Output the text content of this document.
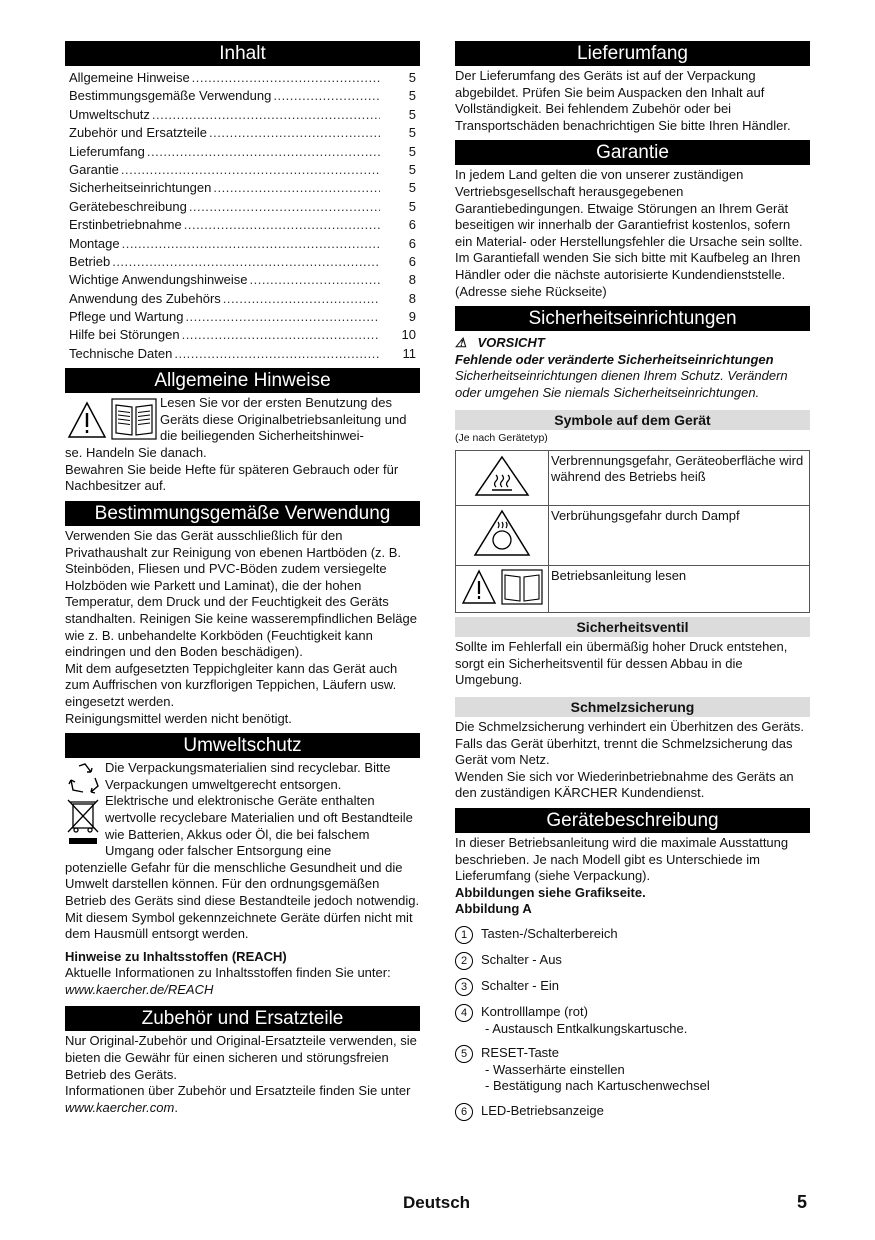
Inhalt
Allgemeine Hinweise .....	5
Bestimmungsgemäße Verwendung .....	5
Umweltschutz .....	5
Zubehör und Ersatzteile .....	5
Lieferumfang .....	5
Garantie .....	5
Sicherheitseinrichtungen .....	5
Gerätebeschreibung .....	5
Erstinbetriebnahme .....	6
Montage .....	6
Betrieb .....	6
Wichtige Anwendungshinweise .....	8
Anwendung des Zubehörs .....	8
Pflege und Wartung .....	9
Hilfe bei Störungen .....	10
Technische Daten .....	11
Allgemeine Hinweise

Lesen Sie vor der ersten Benutzung des Geräts diese Originalbetriebsanleitung und die beiliegenden Sicherheitshinwei-

se. Handeln Sie danach.

Bewahren Sie beide Hefte für späteren Gebrauch oder für Nachbesitzer auf.

Bestimmungsgemäße Verwendung

Verwenden Sie das Gerät ausschließlich für den Privathaushalt zur Reinigung von ebenen Hartböden (z. B. Steinböden, Fliesen und PVC-Böden zudem versiegelte Holzböden wie Parkett und Laminat), die der hohen Temperatur, dem Druck und der Feuchtigkeit des Geräts standhalten. Reinigen Sie keine wasserempfindlichen Beläge wie z. B. unbehandelte Korkböden (Feuchtigkeit kann eindringen und den Boden beschädigen).

Mit dem aufgesetzten Teppichgleiter kann das Gerät auch zum Auffrischen von kurzflorigen Teppichen, Läufern usw. eingesetzt werden.

Reinigungsmittel werden nicht benötigt.

Umweltschutz

Die Verpackungsmaterialien sind recyclebar. Bitte Verpackungen umweltgerecht entsorgen.

Elektrische und elektronische Geräte enthalten wertvolle recyclebare Materialien und oft Bestandteile wie Batterien, Akkus oder Öl, die bei falschem Umgang oder falscher Entsorgung eine

potenzielle Gefahr für die menschliche Gesundheit und die Umwelt darstellen können. Für den ordnungsgemäßen Betrieb des Geräts sind diese Bestandteile jedoch notwendig. Mit diesem Symbol gekennzeichnete Geräte dürfen nicht mit dem Hausmüll entsorgt werden.

Hinweise zu Inhaltsstoffen (REACH)

Aktuelle Informationen zu Inhaltsstoffen finden Sie unter: www.kaercher.de/REACH

Zubehör und Ersatzteile

Nur Original-Zubehör und Original-Ersatzteile verwenden, sie bieten die Gewähr für einen sicheren und störungsfreien Betrieb des Geräts.

Informationen über Zubehör und Ersatzteile finden Sie unter www.kaercher.com.

Lieferumfang

Der Lieferumfang des Geräts ist auf der Verpackung abgebildet. Prüfen Sie beim Auspacken den Inhalt auf Vollständigkeit. Bei fehlendem Zubehör oder bei Transportschäden benachrichtigen Sie bitte Ihren Händler.

Garantie

In jedem Land gelten die von unserer zuständigen Vertriebsgesellschaft herausgegebenen Garantiebedingungen. Etwaige Störungen an Ihrem Gerät beseitigen wir innerhalb der Garantiefrist kostenlos, sofern ein Material- oder Herstellungsfehler die Ursache sein sollte. Im Garantiefall wenden Sie sich bitte mit Kaufbeleg an Ihren Händler oder die nächste autorisierte Kundendienststelle.

(Adresse siehe Rückseite)

Sicherheitseinrichtungen

⚠ VORSICHT

Fehlende oder veränderte Sicherheitseinrichtungen

Sicherheitseinrichtungen dienen Ihrem Schutz. Verändern oder umgehen Sie niemals Sicherheitseinrichtungen.

Symbole auf dem Gerät

(Je nach Gerätetyp)

	Verbrennungsgefahr, Geräteoberfläche wird während des Betriebs heiß
	Verbrühungsgefahr durch Dampf
	Betriebsanleitung lesen
Sicherheitsventil

Sollte im Fehlerfall ein übermäßig hoher Druck entstehen, sorgt ein Sicherheitsventil für dessen Abbau in die Umgebung.

Schmelzsicherung

Die Schmelzsicherung verhindert ein Überhitzen des Geräts. Falls das Gerät überhitzt, trennt die Schmelzsicherung das Gerät vom Netz.

Wenden Sie sich vor Wiederinbetriebnahme des Geräts an den zuständigen KÄRCHER Kundendienst.

Gerätebeschreibung

In dieser Betriebsanleitung wird die maximale Ausstattung beschrieben. Je nach Modell gibt es Unterschiede im Lieferumfang (siehe Verpackung).

Abbildungen siehe Grafikseite.

Abbildung A

1	Tasten-/Schalterbereich
2	Schalter - Aus
3	Schalter - Ein
4	Kontrolllampe (rot)
- Austausch Entkalkungskartusche.
5	RESET-Taste
- Wasserhärte einstellen
- Bestätigung nach Kartuschenwechsel
6	LED-Betriebsanzeige
Deutsch	5
